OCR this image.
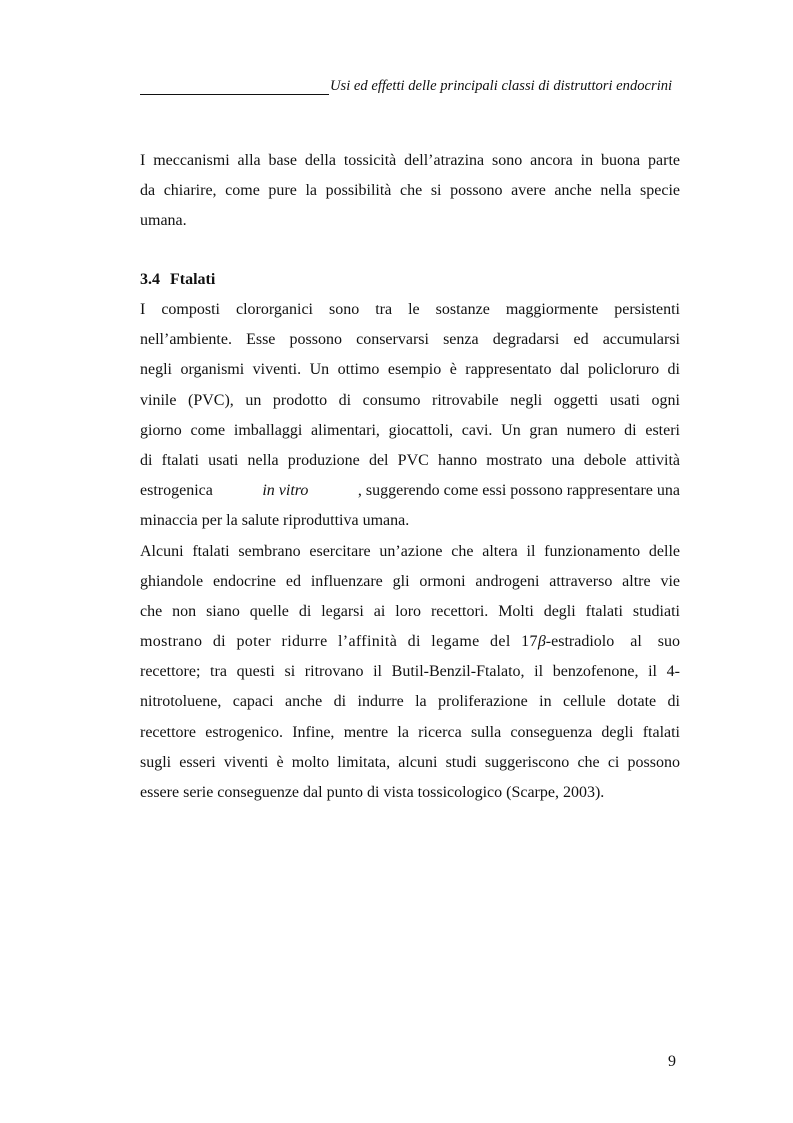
Usi ed effetti delle principali classi di distruttori endocrini
I meccanismi alla base della tossicità dell’atrazina sono ancora in buona parte
da chiarire, come pure la possibilità che si possono avere anche nella specie
umana.
3.4 Ftalati
I composti clororganici sono tra le sostanze maggiormente persistenti
nell’ambiente. Esse possono conservarsi senza degradarsi ed accumularsi
negli organismi viventi. Un ottimo esempio è rappresentato dal policloruro di
vinile (PVC), un prodotto di consumo ritrovabile negli oggetti usati ogni
giorno come imballaggi alimentari, giocattoli, cavi. Un gran numero di esteri
di ftalati usati nella produzione del PVC hanno mostrato una debole attività
estrogenica	in vitro	, suggerendo come essi possono rappresentare una
minaccia per la salute riproduttiva umana.
Alcuni ftalati sembrano esercitare un’azione che altera il funzionamento delle
ghiandole endocrine ed influenzare gli ormoni androgeni attraverso altre vie
che non siano quelle di legarsi ai loro recettori. Molti degli ftalati studiati
mostrano di poter ridurre l’affinità di legame del 17 β -estradiolo    al    suo
recettore; tra questi si ritrovano il Butil-Benzil-Ftalato, il benzofenone, il 4-
nitrotoluene, capaci anche di indurre la proliferazione in cellule dotate di
recettore estrogenico. Infine, mentre la ricerca sulla conseguenza degli ftalati
sugli esseri viventi è molto limitata, alcuni studi suggeriscono che ci possono
essere serie conseguenze dal punto di vista tossicologico (Scarpe, 2003).
9
